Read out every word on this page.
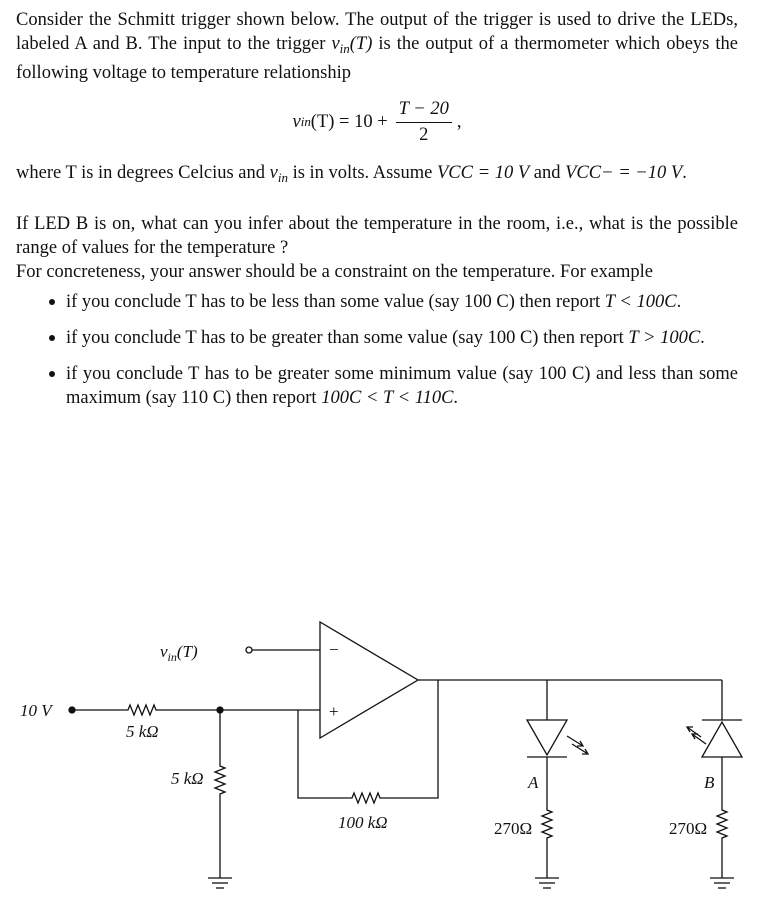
Consider the Schmitt trigger shown below. The output of the trigger is used to drive the LEDs, labeled A and B. The input to the trigger $v_{in}(T)$ is the output of a thermometer which obeys the following voltage to temperature relationship

v in $(T) = 10 + \frac{T - 20}{2}$ ,

where T is in degrees Celcius and $v_{in}$ is in volts. Assume VCC = 10 V and VCC− = −10 V.

If LED B is on, what can you infer about the temperature in the room, i.e., what is the possible range of values for the temperature ?

For concreteness, your answer should be a constraint on the temperature. For example

if you conclude T has to be less than some value (say 100 C) then report T < 100C.
if you conclude T has to be greater than some value (say 100 C) then report T > 100C.
if you conclude T has to be greater some minimum value (say 100 C) and less than some maximum (say 110 C) then report 100C < T < 110C.
$v_{in}(T)$	−
+
10 V
5 kΩ
5 kΩ
100 kΩ
A
270Ω
B
270Ω
